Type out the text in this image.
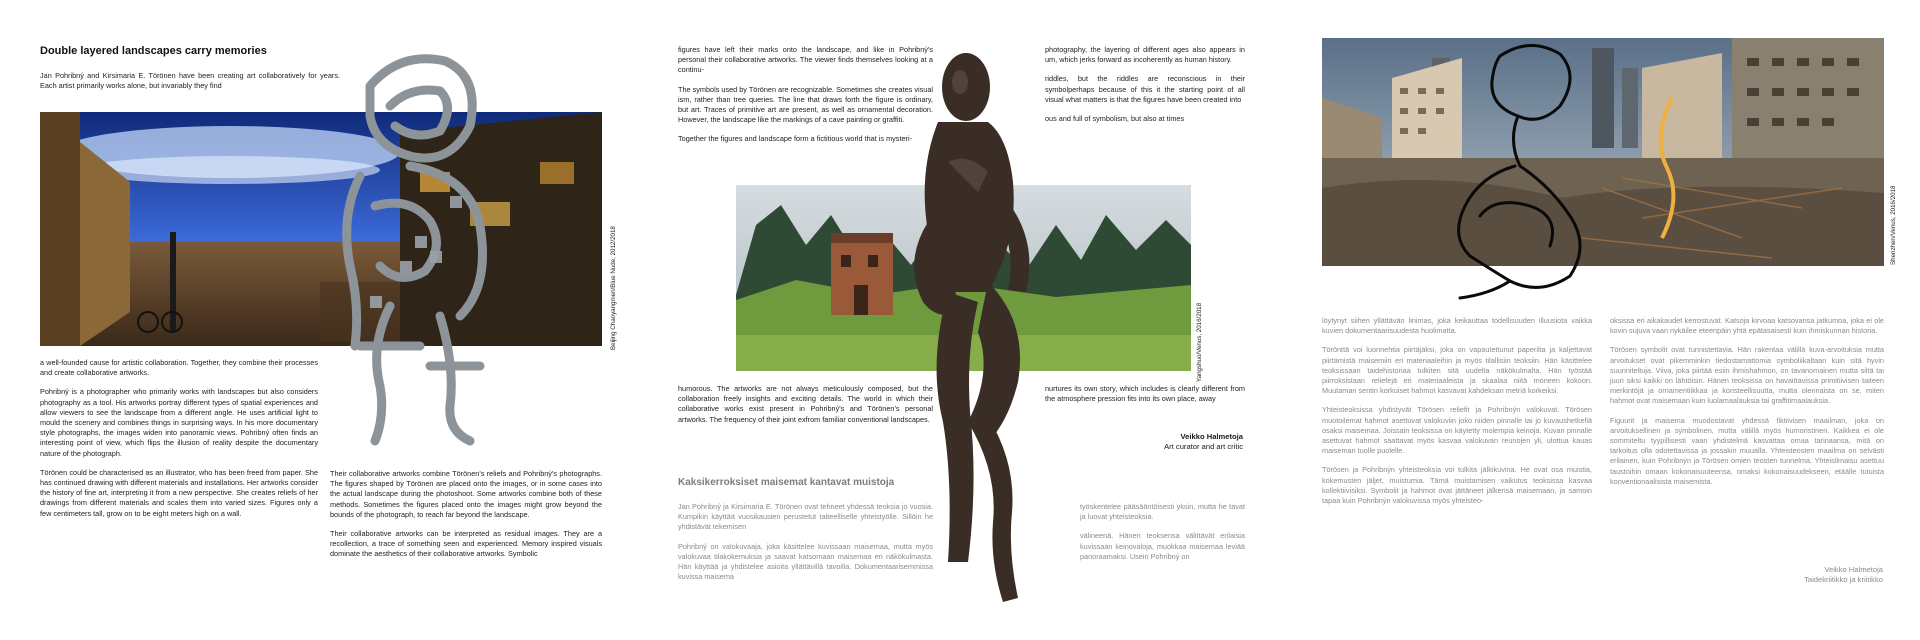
Double layered landscapes carry memories

Jan Pohribný and Kirsimaria E. Törönen have been creating art collaboratively for years. Each artist primarily works alone, but invariably they find

Beijing Chaoyangmen/Blue Nude, 2012/2018

a well-founded cause for artistic collaboration. Together, they combine their processes and create collaborative artworks.

Pohribný is a photographer who primarily works with landscapes but also considers photography as a tool. His artworks portray different types of spatial experiences and allow viewers to see the landscape from a different angle. He uses artificial light to mould the scenery and combines things in surprising ways. In his more documentary style photographs, the images widen into panoramic views. Pohribný often finds an interesting point of view, which flips the illusion of reality despite the documentary nature of the photograph.

Törönen could be characterised as an illustrator, who has been freed from paper. She has continued drawing with different materials and installations. Her artworks consider the history of fine art, interpreting it from a new perspective. She creates reliefs of her drawings from different materials and scales them into varied sizes. Figures only a few centimeters tall, grow on to be eight meters high on a wall.

Their collaborative artworks combine Törönen's reliefs and Pohribný's photographs. The figures shaped by Törönen are placed onto the images, or in some cases into the actual landscape during the photoshoot. Some artworks combine both of these methods. Sometimes the figures placed onto the images might grow beyond the bounds of the photograph, to reach far beyond the landscape.

Their collaborative artworks can be interpreted as residual images. They are a recollection, a trace of something seen and experienced. Memory inspired visuals dominate the aesthetics of their collaborative artworks. Symbolic

figures have left their marks onto the landscape, and like in Pohribný's personal their collaborative artworks. The viewer finds themselves looking at a continu-

The symbols used by Törönen are recognizable. Sometimes she creates visual ism, rather than tree queries. The line that draws forth the figure is ordinary, but art. Traces of primitive art are present, as well as ornamental decoration. However, the landscape like the markings of a cave painting or graffiti.

Together the figures and landscape form a fictitious world that is mysteri-

photography, the layering of different ages also appears in um, which jerks forward as incoherently as human history.

riddles, but the riddles are reconscious in their symbolperhaps because of this it the starting point of all visual what matters is that the figures have been created into

ous and full of symbolism, but also at times

Yangshuo/Venus, 2016/2018

humorous. The artworks are not always meticulously composed, but the collaboration freely insights and exciting details. The world in which their collaborative works exist present in Pohribný's and Törönen's personal artworks. The frequency of their joint exfrom familiar conventional landscapes.

nurtures its own story, which includes is clearly different from the atmosphere pression fits into its own place, away

Veikko Halmetoja
Art curator and art critic
Kaksikerroksiset maisemat kantavat muistoja

Jan Pohribný ja Kirsimaria E. Törönen ovat tehneet yhdessä teoksia jo vuosia. Kumpikin käyttää vuosikausien perustetut taiteelliselle yhteistyölle. Sillöin he yhdistävät tekemisen

Pohribný on valokuvaaja, joka käsittelee kuvissaan maisemaa, mutta myös valokuvaa tilakokemuksia ja saavat katsomaan maisemaa eri näkökulmasta. Hän käyttää ja yhdistelee asioita yllättävillä tavoilla. Dokumentaarisemmissa kuvissa maisema

työskentelee pääsääntöisesti yksin, mutta he tavat ja luovat yhteisteoksia.

välineenä. Hänen teoksensa välittävät erilaisia kuvissaan keinovaloja, muokkaa maisemaa leviää panoraamaksi. Usein Pohribný on

Shenzhen/Venus, 2016/2018

löytynyt siihen yllättävän linimas, joka keikauttaa todellisuuden illuusiota vaikka kuvien dokumentaarisuudesta huolimatta.

Törönttä voi luonnehtia piirtäjäksi, joka on vapautettunut paperilta ja kaljettavat piirtämistä maisemiin eri materiaaleihin ja myös tilallisiin teoksiin. Hän käsittelee teoksissaan taidehistoriaa tulkiten sitä uudelta näkökulmalta. Hän työstää piirroksistaan reliefejä eri materiaaleista ja skaalaa niitä moneen kokoon. Muutaman sentin korkuiset hahmot kasvavat kahdeksan metriä korkeiksi.

Yhteisteoksissa yhdistyvät Törösen reliefit ja Pohribnýn valokuvat. Törösen muotoilemat hahmot asettuvat valokuviin joko niiden pinnalle tai jo kuvaushetkellä osaksi maisemaa. Joissain teoksissa on käytetty molempia keinoja. Kuvan pinnalle asettuvat hahmot saattavat myös kasvaa valokuvan reunojen yli, ulottua kauas maiseman tuolle puolelle.

Törösen ja Pohribnýn yhteisteoksia voi tulkita jälkikuvina. He ovat osa muistia, kokemusten jäljet, muistumia. Tämä muistamisen vaikutus teoksissa kasvaa kollektiivisiksi. Symbolit ja hahmot ovat jättäneet jälkensä maisemaan, ja samoin tapaa kuin Pohribnýn valokuvissa myös yhteisteo-

oksissa eri aikakaudet kerrostuvat. Katsoja kirvoaa katsovansa jatkumoa, joka ei ole kovin sujuva vaan nykäilee eteenpäin yhtä epätasaisesti kuin ihmiskunnan historia.

Törösen symbolit ovat tunnistettavia. Hän rakentaa välillä kuva-arvoituksia mutta arvoitukset ovat pikemminkin tiedostamattomia symboliikaltaan kuin sitä hyvin suunniteltuja. Viiva, joka piirtää esiin ihmishahmon, on tavanomainen mutta siltä tai juuri siksi kaikki on lähtöisin. Hänen teoksissa on havaittavissa primitiivisen taiteen merkintöjä ja ornamentiikkaa ja koristeellisuutta, mutta olennaista on se, miten hahmot ovat maisemaan kuin luolamaalauksia tai graffitimaalauksia.

Figuurit ja maisema muodostavat yhdessä fiktiivisen maailman, joka on arvoituksellinen ja symbolinen, mutta välillä myös humoristinen. Kaikkea ei ole sommiteltu tyypillisesti vaan yhdistelmä kasvattaa omaa tarinaansa, mitä on tarkoitus olla odotettavissa ja jossakin muualla. Yhteisteosten maailma on selvästi erilainen, kuin Pohribnýn ja Törösen omien teosten tunnelma. Yhteisilmaisu asettuu taustoihin omaan kokonaisuuteensa, omaksi kokonaisuudekseen, etäälle tutuista konventionaalisista maisemista.

Veikko Halmetoja
Taidekriitikko ja kriitikko
